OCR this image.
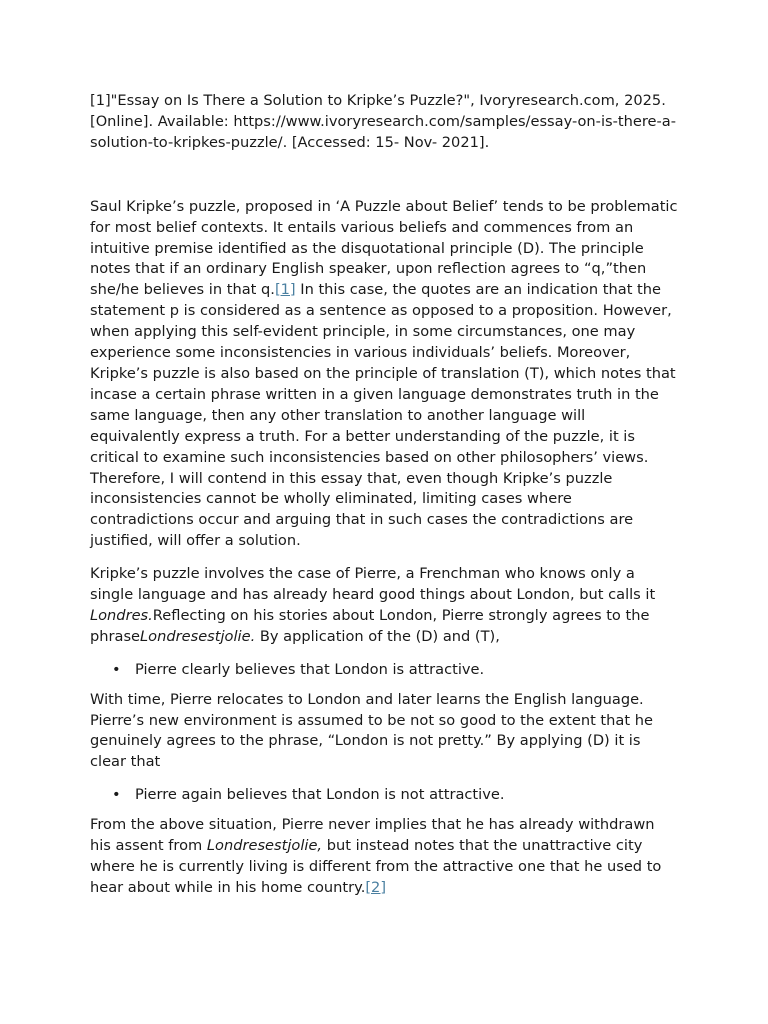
[1]"Essay on Is There a Solution to Kripke’s Puzzle?", Ivoryresearch.com, 2025. [Online]. Available: https://www.ivoryresearch.com/samples/essay-on-is-there-a-solution-to-kripkes-puzzle/. [Accessed: 15- Nov- 2021].

Saul Kripke’s puzzle, proposed in ‘A Puzzle about Belief’ tends to be problematic for most belief contexts. It entails various beliefs and commences from an intuitive premise identified as the disquotational principle (D). The principle notes that if an ordinary English speaker, upon reflection agrees to “q,”then she/he believes in that q.[1] In this case, the quotes are an indication that the statement p is considered as a sentence as opposed to a proposition. However, when applying this self-evident principle, in some circumstances, one may experience some inconsistencies in various individuals’ beliefs. Moreover, Kripke’s puzzle is also based on the principle of translation (T), which notes that incase a certain phrase written in a given language demonstrates truth in the same language, then any other translation to another language will equivalently express a truth. For a better understanding of the puzzle, it is critical to examine such inconsistencies based on other philosophers’ views. Therefore, I will contend in this essay that, even though Kripke’s puzzle inconsistencies cannot be wholly eliminated, limiting cases where contradictions occur and arguing that in such cases the contradictions are justified, will offer a solution.

Kripke’s puzzle involves the case of Pierre, a Frenchman who knows only a single language and has already heard good things about London, but calls it Londres.Reflecting on his stories about London, Pierre strongly agrees to the phraseLondresestjolie. By application of the (D) and (T),

• Pierre clearly believes that London is attractive.

With time, Pierre relocates to London and later learns the English language. Pierre’s new environment is assumed to be not so good to the extent that he genuinely agrees to the phrase, “London is not pretty.” By applying (D) it is clear that

• Pierre again believes that London is not attractive.

From the above situation, Pierre never implies that he has already withdrawn his assent from Londresestjolie, but instead notes that the unattractive city where he is currently living is different from the attractive one that he used to hear about while in his home country.[2]
